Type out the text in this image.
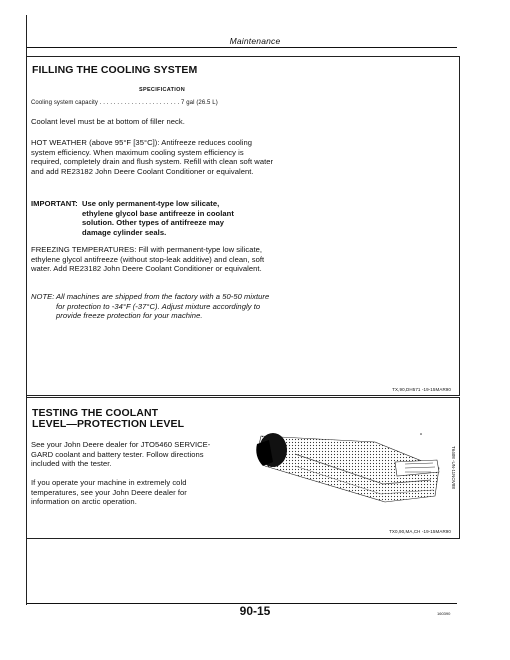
Maintenance
FILLING THE COOLING SYSTEM
SPECIFICATION
Cooling system capacity . . . . . . . . . . . . . . . . . . . . . . . 7 gal (26.5 L)
Coolant level must be at bottom of filler neck.
HOT WEATHER (above 95°F [35°C]): Antifreeze reduces cooling system efficiency. When maximum cooling system efficiency is required, completely drain and flush system. Refill with clean soft water and add RE23182 John Deere Coolant Conditioner or equivalent.
IMPORTANT: Use only permanent-type low silicate, ethylene glycol base antifreeze in coolant solution. Other types of antifreeze may damage cylinder seals.
FREEZING TEMPERATURES: Fill with permanent-type low silicate, ethylene glycol antifreeze (without stop-leak additive) and clean, soft water. Add RE23182 John Deere Coolant Conditioner or equivalent.
NOTE: All machines are shipped from the factory with a 50-50 mixture for protection to -34°F (-37°C). Adjust mixture accordingly to provide freeze protection for your machine.
TX,90,DH571 -19-15MAR90
TESTING THE COOLANT
LEVEL—PROTECTION LEVEL
See your John Deere dealer for JTO5460 SERVICE-GARD coolant and battery tester. Follow directions included with the tester.
If you operate your machine in extremely cold temperatures, see your John Deere dealer for information on arctic operation.
T6408 -UN-11NOV88
TX0,90,MA,CH -19-15MAR90
90-15	160390
